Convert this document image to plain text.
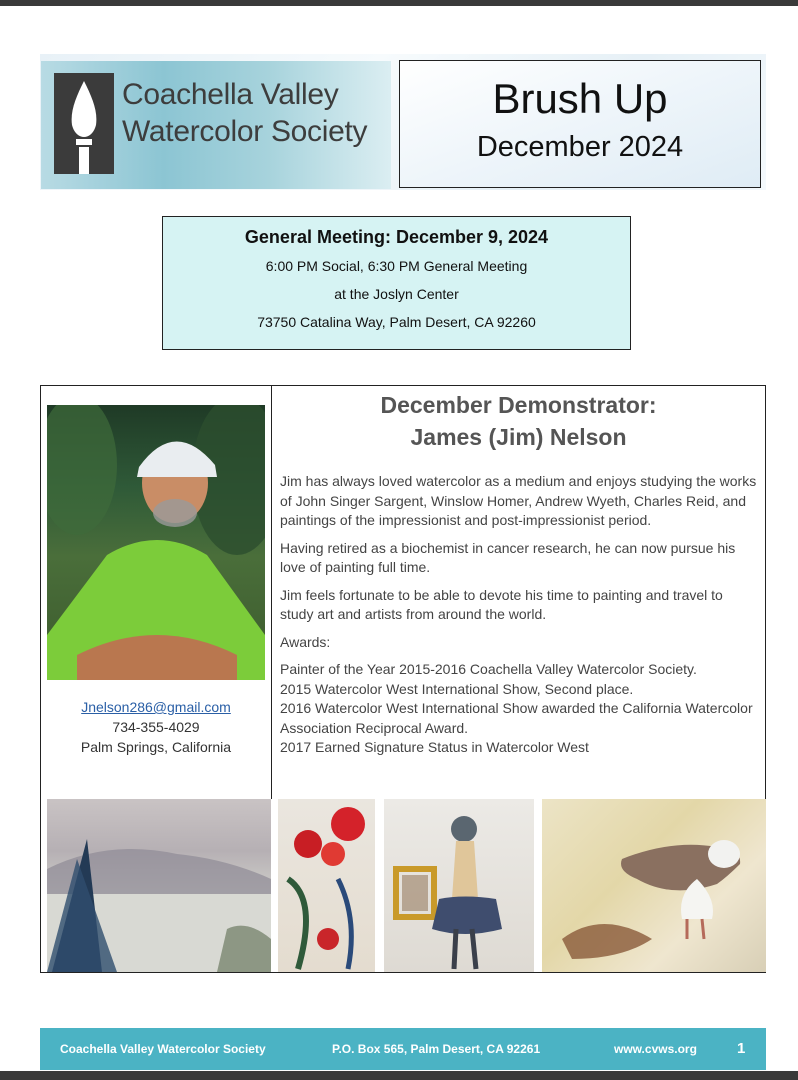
Coachella Valley
Watercolor Society
Brush Up
December 2024
General Meeting: December 9, 2024
6:00 PM Social, 6:30 PM General Meeting
at the Joslyn Center
73750 Catalina Way, Palm Desert, CA 92260
Jnelson286@gmail.com
734-355-4029
Palm Springs, California
December Demonstrator:
James (Jim) Nelson

Jim has always loved watercolor as a medium and enjoys studying the works of John Singer Sargent, Winslow Homer, Andrew Wyeth, Charles Reid, and paintings of the impressionist and post-impressionist period.

Having retired as a biochemist in cancer research, he can now pursue his love of painting full time.

Jim feels fortunate to be able to devote his time to painting and travel to study art and artists from around the world.

Awards:

Painter of the Year 2015-2016 Coachella Valley Watercolor Society.

2015 Watercolor West International Show, Second place.

2016 Watercolor West International Show awarded the California Watercolor Association Reciprocal Award.

2017 Earned Signature Status in Watercolor West

Coachella Valley Watercolor Society	P.O. Box 565, Palm Desert, CA 92261	www.cvws.org	1
